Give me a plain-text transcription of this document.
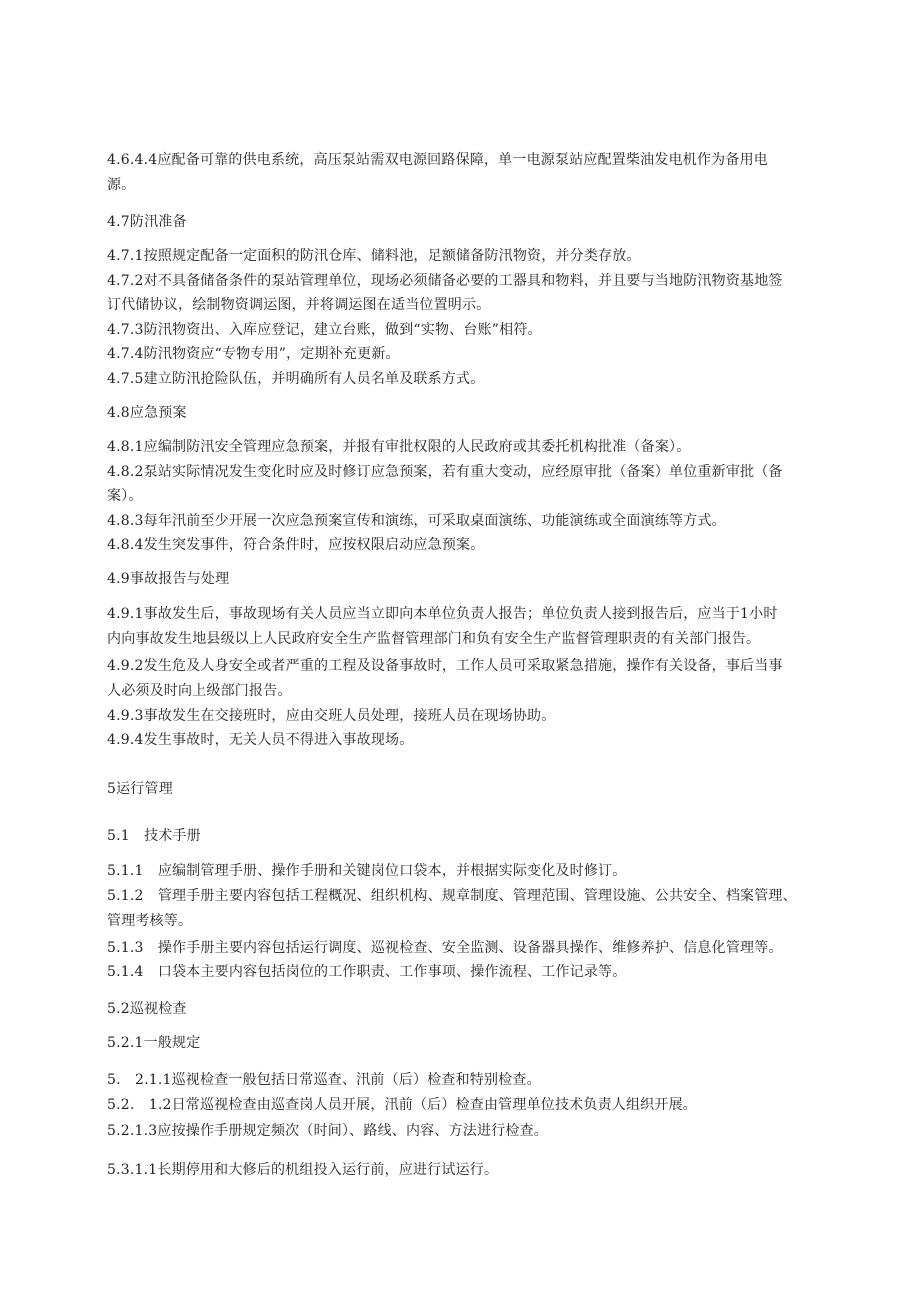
4.6.4.4应配备可靠的供电系统，高压泵站需双电源回路保障，单一电源泵站应配置柴油发电机作为备用电
源。
4.7防汛准备
4.7.1按照规定配备一定面积的防汛仓库、储料池，足额储备防汛物资，并分类存放。
4.7.2对不具备储备条件的泵站管理单位，现场必须储备必要的工器具和物料，并且要与当地防汛物资基地签
订代储协议，绘制物资调运图，并将调运图在适当位置明示。
4.7.3防汛物资出、入库应登记，建立台账，做到“实物、台账”相符。
4.7.4防汛物资应“专物专用”，定期补充更新。
4.7.5建立防汛抢险队伍，并明确所有人员名单及联系方式。
4.8应急预案
4.8.1应编制防汛安全管理应急预案，并报有审批权限的人民政府或其委托机构批准（备案）。
4.8.2泵站实际情况发生变化时应及时修订应急预案，若有重大变动，应经原审批（备案）单位重新审批（备
案）。
4.8.3每年汛前至少开展一次应急预案宣传和演练，可采取桌面演练、功能演练或全面演练等方式。
4.8.4发生突发事件，符合条件时，应按权限启动应急预案。
4.9事故报告与处理
4.9.1事故发生后，事故现场有关人员应当立即向本单位负责人报告；单位负责人接到报告后，应当于1小时
内向事故发生地县级以上人民政府安全生产监督管理部门和负有安全生产监督管理职责的有关部门报告。
4.9.2发生危及人身安全或者严重的工程及设备事故时，工作人员可采取紧急措施，操作有关设备，事后当事
人必须及时向上级部门报告。
4.9.3事故发生在交接班时，应由交班人员处理，接班人员在现场协助。
4.9.4发生事故时，无关人员不得进入事故现场。
5运行管理
5.1　技术手册
5.1.1　应编制管理手册、操作手册和关键岗位口袋本，并根据实际变化及时修订。
5.1.2　管理手册主要内容包括工程概况、组织机构、规章制度、管理范围、管理设施、公共安全、档案管理、
管理考核等。
5.1.3　操作手册主要内容包括运行调度、巡视检查、安全监测、设备器具操作、维修养护、信息化管理等。
5.1.4　口袋本主要内容包括岗位的工作职责、工作事项、操作流程、工作记录等。
5.2巡视检查
5.2.1一般规定
5.　2.1.1巡视检查一般包括日常巡查、汛前（后）检查和特别检查。
5.2.　1.2日常巡视检查由巡查岗人员开展，汛前（后）检查由管理单位技术负责人组织开展。
5.2.1.3应按操作手册规定频次（时间）、路线、内容、方法进行检查。
5.3.1.1长期停用和大修后的机组投入运行前，应进行试运行。
